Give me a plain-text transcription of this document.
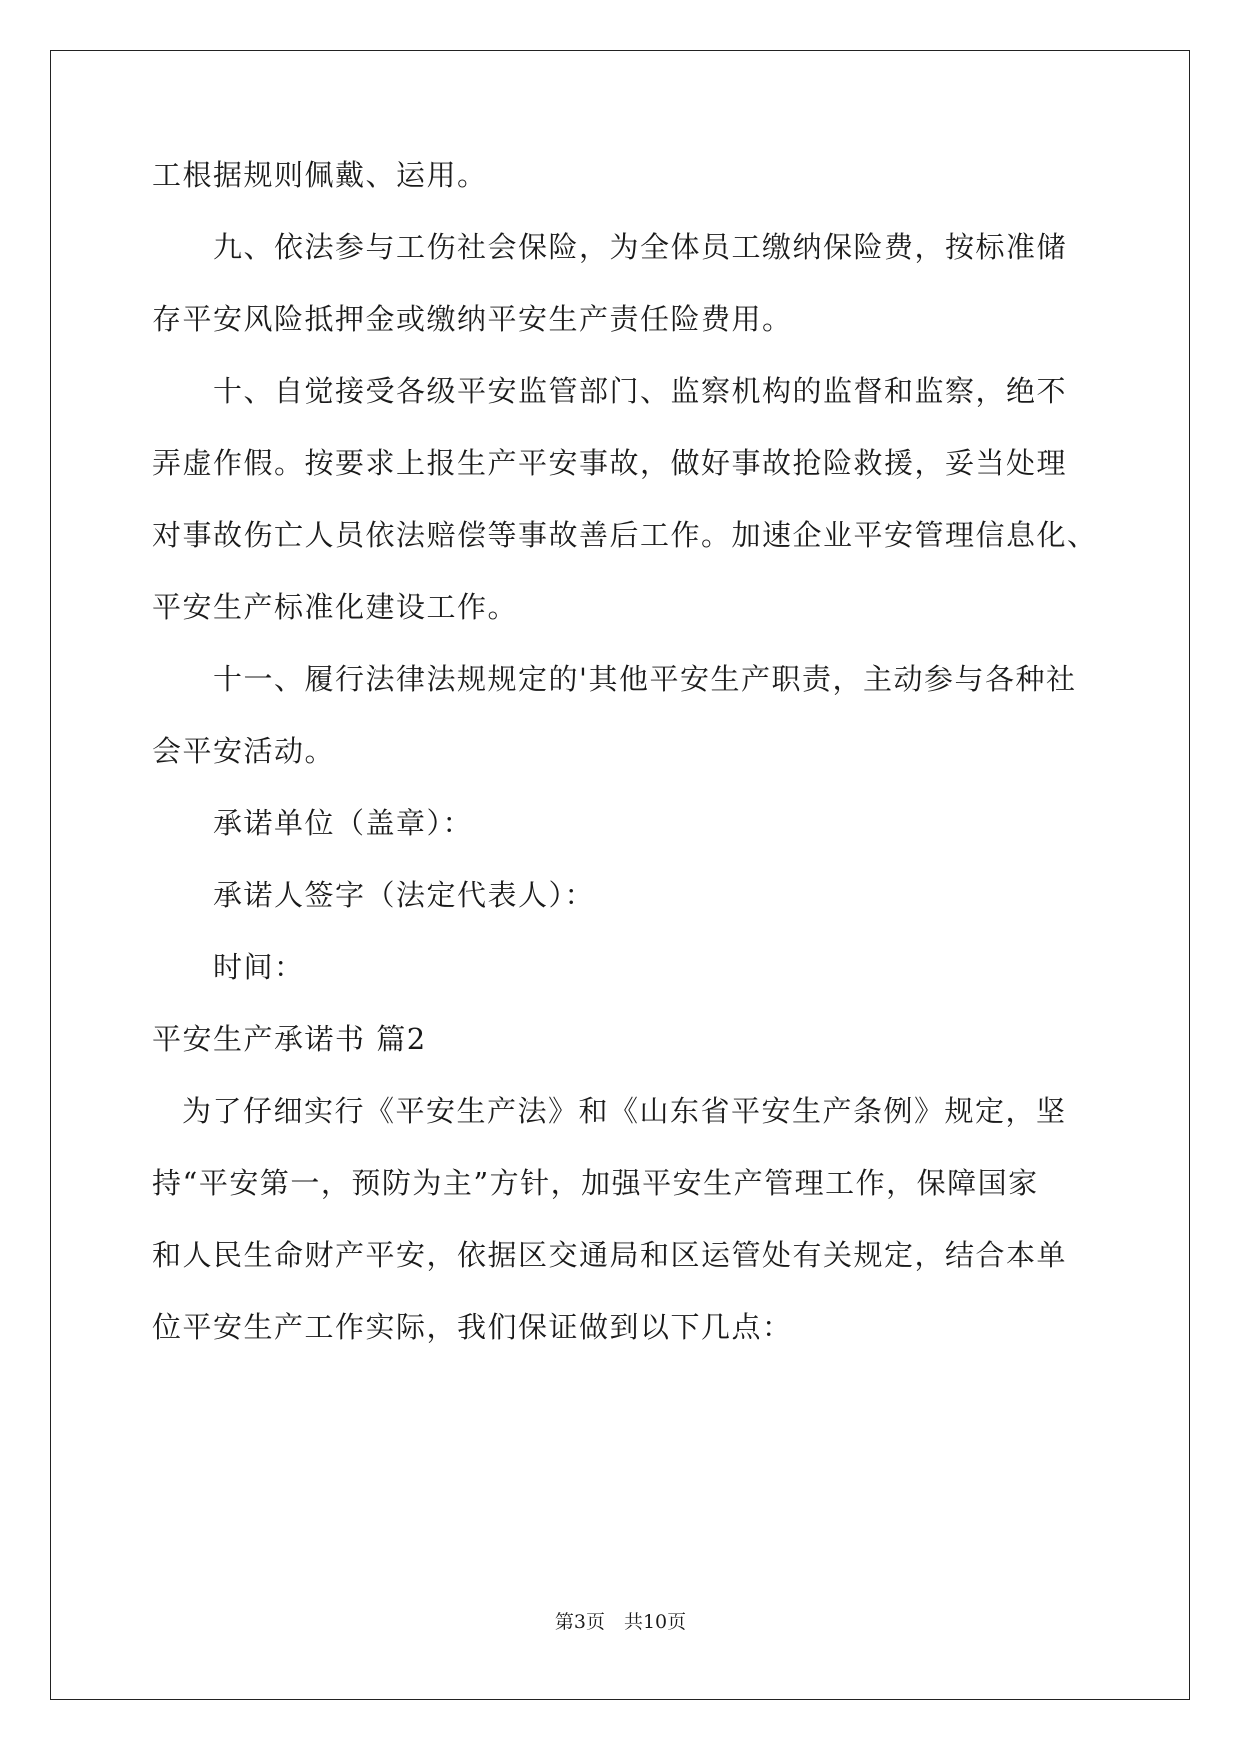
工根据规则佩戴、运用。
九、依法参与工伤社会保险，为全体员工缴纳保险费，按标准储
存平安风险抵押金或缴纳平安生产责任险费用。
十、自觉接受各级平安监管部门、监察机构的监督和监察，绝不
弄虚作假。按要求上报生产平安事故，做好事故抢险救援，妥当处理
对事故伤亡人员依法赔偿等事故善后工作。加速企业平安管理信息化、
平安生产标准化建设工作。
十一、履行法律法规规定的'其他平安生产职责，主动参与各种社
会平安活动。
承诺单位（盖章）：
承诺人签字（法定代表人）：
时间：
平安生产承诺书 篇2
为了仔细实行《平安生产法》和《山东省平安生产条例》规定，坚
持“平安第一，预防为主”方针，加强平安生产管理工作，保障国家
和人民生命财产平安，依据区交通局和区运管处有关规定，结合本单
位平安生产工作实际，我们保证做到以下几点：
第3页　共10页
